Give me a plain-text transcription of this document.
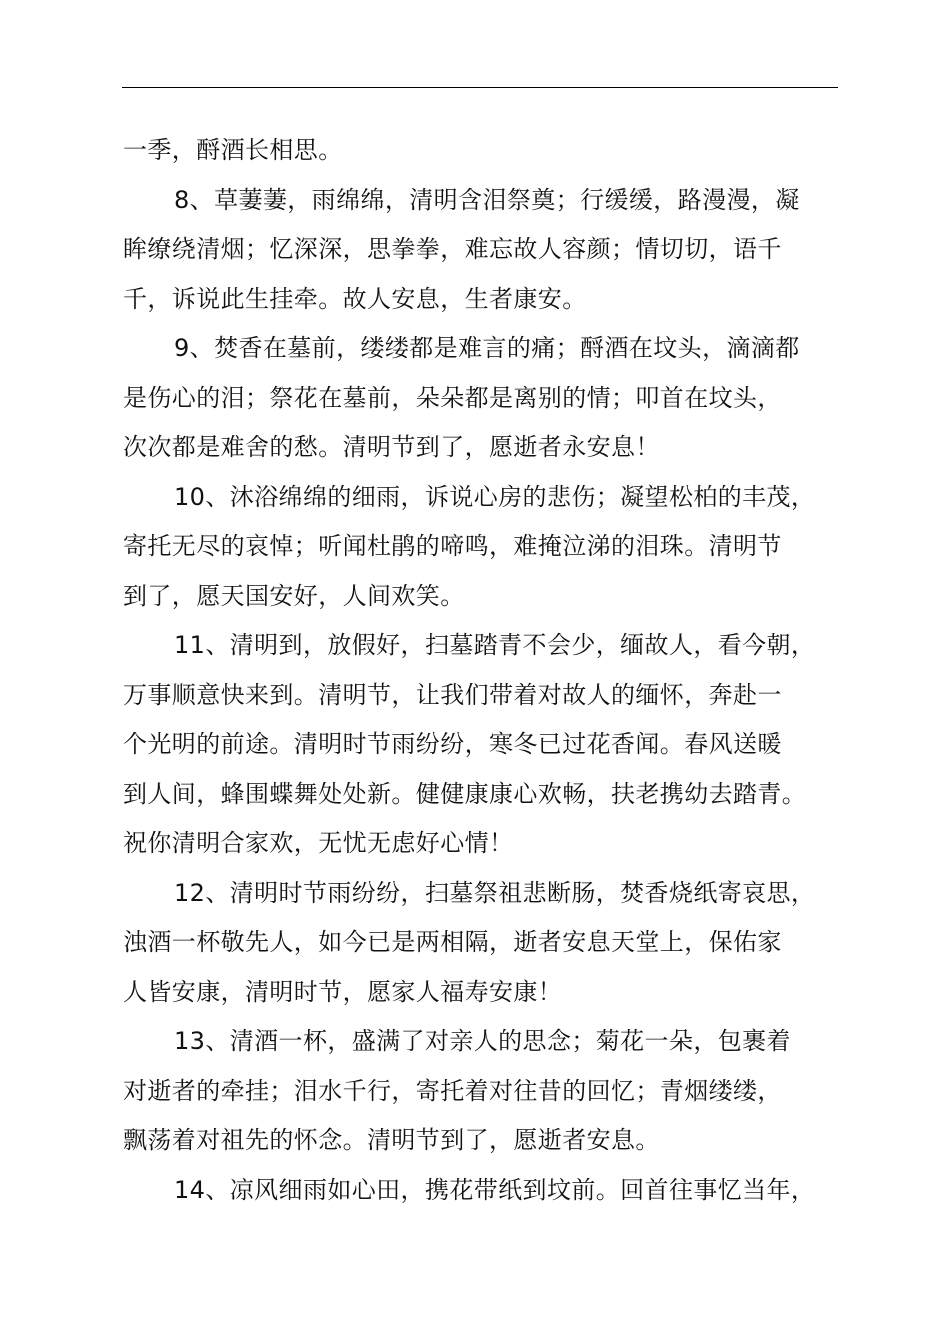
一季，酹酒长相思。
8、草萋萋，雨绵绵，清明含泪祭奠；行缓缓，路漫漫，凝
眸缭绕清烟；忆深深，思拳拳，难忘故人容颜；情切切，语千
千，诉说此生挂牵。故人安息，生者康安。
9、焚香在墓前，缕缕都是难言的痛；酹酒在坟头，滴滴都
是伤心的泪；祭花在墓前，朵朵都是离别的情；叩首在坟头，
次次都是难舍的愁。清明节到了，愿逝者永安息！
10、沐浴绵绵的细雨，诉说心房的悲伤；凝望松柏的丰茂，
寄托无尽的哀悼；听闻杜鹃的啼鸣，难掩泣涕的泪珠。清明节
到了，愿天国安好，人间欢笑。
11、清明到，放假好，扫墓踏青不会少，缅故人，看今朝，
万事顺意快来到。清明节，让我们带着对故人的缅怀，奔赴一
个光明的前途。清明时节雨纷纷，寒冬已过花香闻。春风送暖
到人间，蜂围蝶舞处处新。健健康康心欢畅，扶老携幼去踏青。
祝你清明合家欢，无忧无虑好心情！
12、清明时节雨纷纷，扫墓祭祖悲断肠，焚香烧纸寄哀思，
浊酒一杯敬先人，如今已是两相隔，逝者安息天堂上，保佑家
人皆安康，清明时节，愿家人福寿安康！
13、清酒一杯，盛满了对亲人的思念；菊花一朵，包裹着
对逝者的牵挂；泪水千行，寄托着对往昔的回忆；青烟缕缕，
飘荡着对祖先的怀念。清明节到了，愿逝者安息。
14、凉风细雨如心田，携花带纸到坟前。回首往事忆当年，
